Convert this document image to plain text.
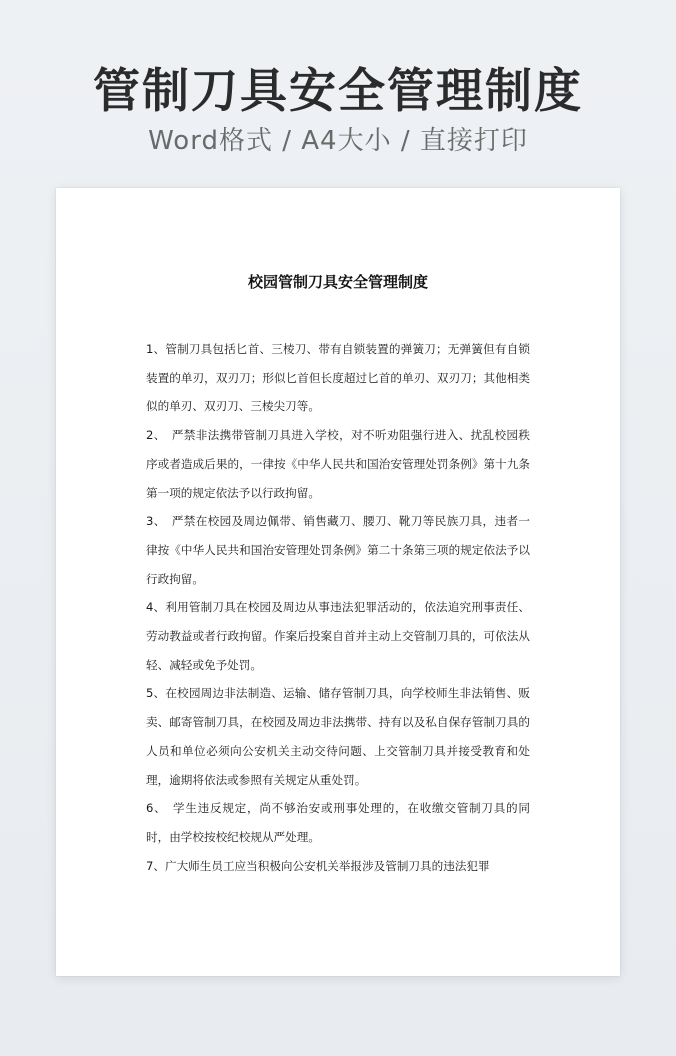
管制刀具安全管理制度
Word格式 / A4大小 / 直接打印
校园管制刀具安全管理制度

1、管制刀具包括匕首、三棱刀、带有自锁装置的弹簧刀；无弹簧但有自锁装置的单刃，双刃刀；形似匕首但长度超过匕首的单刃、双刃刀；其他相类似的单刃、双刃刀、三棱尖刀等。

2、　严禁非法携带管制刀具进入学校，对不听劝阻强行进入、扰乱校园秩序或者造成后果的，一律按《中华人民共和国治安管理处罚条例》第十九条第一项的规定依法予以行政拘留。

3、　严禁在校园及周边佩带、销售藏刀、腰刀、靴刀等民族刀具，违者一律按《中华人民共和国治安管理处罚条例》第二十条第三项的规定依法予以行政拘留。

4、利用管制刀具在校园及周边从事违法犯罪活动的，依法追究刑事责任、劳动教益或者行政拘留。作案后投案自首并主动上交管制刀具的，可依法从轻、减轻或免予处罚。

5、在校园周边非法制造、运输、储存管制刀具，向学校师生非法销售、贩卖、邮寄管制刀具，在校园及周边非法携带、持有以及私自保存管制刀具的人员和单位必须向公安机关主动交待问题、上交管制刀具并接受教育和处理，逾期将依法或参照有关规定从重处罚。

6、　学生违反规定，尚不够治安或刑事处理的，在收缴交管制刀具的同时，由学校按校纪校规从严处理。

7、广大师生员工应当积极向公安机关举报涉及管制刀具的违法犯罪
